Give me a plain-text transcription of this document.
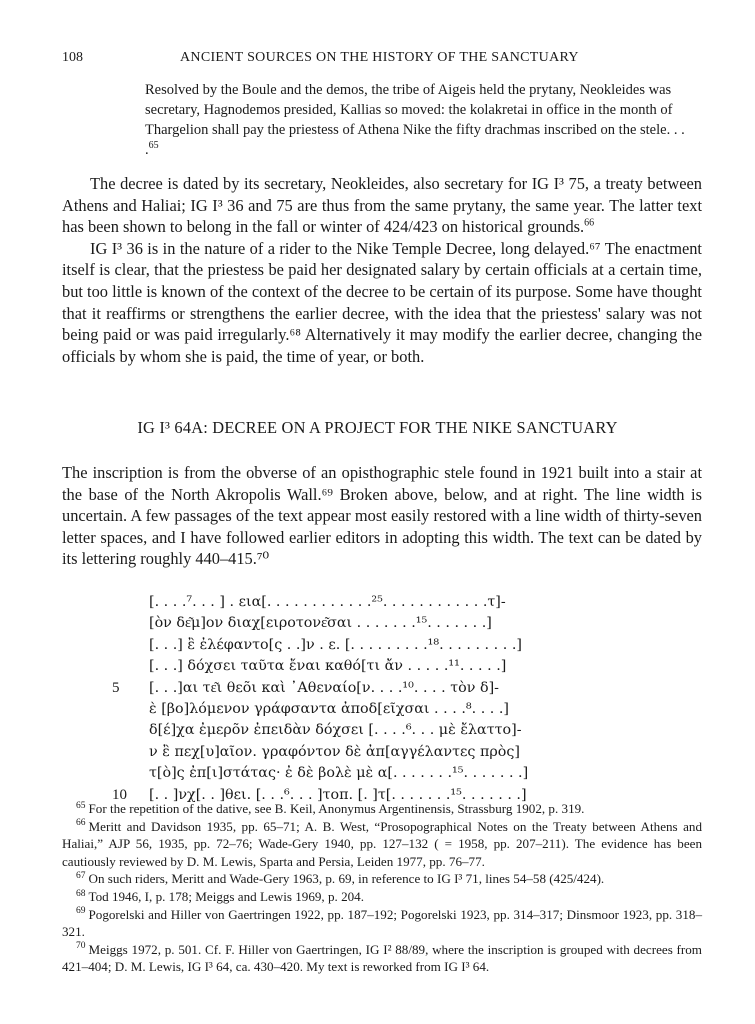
108	ANCIENT SOURCES ON THE HISTORY OF THE SANCTUARY

Resolved by the Boule and the demos, the tribe of Aigeis held the prytany, Neokleides was secretary, Hagnodemos presided, Kallias so moved: the kolakretai in office in the month of Thargelion shall pay the priestess of Athena Nike the fifty drachmas inscribed on the stele. . . .$^{65}$

The decree is dated by its secretary, Neokleides, also secretary for IG I³ 75, a treaty between Athens and Haliai; IG I³ 36 and 75 are thus from the same prytany, the same year. The latter text has been shown to belong in the fall or winter of 424/423 on historical grounds.$^{66}$

IG I³ 36 is in the nature of a rider to the Nike Temple Decree, long delayed.⁶⁷ The enactment itself is clear, that the priestess be paid her designated salary by certain officials at a certain time, but too little is known of the context of the decree to be certain of its purpose. Some have thought that it reaffirms or strengthens the earlier decree, with the idea that the priestess' salary was not being paid or was paid irregularly.⁶⁸ Alternatively it may modify the earlier decree, changing the officials by whom she is paid, the time of year, or both.

IG I³ 64A: DECREE ON A PROJECT FOR THE NIKE SANCTUARY

The inscription is from the obverse of an opisthographic stele found in 1921 built into a stair at the base of the North Akropolis Wall.⁶⁹ Broken above, below, and at right. The line width is uncertain. A few passages of the text appear most easily restored with a line width of thirty-seven letter spaces, and I have followed earlier editors in adopting this width. The text can be dated by its lettering roughly 440–415.⁷⁰

[. . . .⁷. . . ] . εια[. . . . . . . . . . . .²⁵. . . . . . . . . . . .τ]-
[ὸν δε͂μ]ον διαχ[ειροτονε͂σαι . . . . . . .¹⁵. . . . . . .]
[. . .] ἒ ἐλέφαντο[ς . .]ν . ε. [. . . . . . . . .¹⁸. . . . . . . . .]
[. . .] δόχσει ταῦτα ἔναι καθό[τι ἄν . . . . .¹¹. . . . .]
5 [. . .]αι τε͂ι θεõι καὶ ᾿Αθεναίο[ν. . . .¹⁰. . . . τὸν δ]-
ὲ [βο]λόμενον γράφσαντα ἀποδ[εῖχσαι . . . .⁸. . . .]
δ[έ]χα ἐμερõν ἐπειδὰν δόχσει [. . . .⁶. . . μὲ ἔλαττο]-
ν ἒ πεχ[υ]αῖον. γραφόντον δὲ ἀπ[αγγέλαντες πρὸς]
τ[ὸ]ς ἐπ[ι]στάτας· ἐ δὲ βολὲ μὲ α[. . . . . . .¹⁵. . . . . . .]
10 [. . ]νχ[. . ]θει. [. . .⁶. . . ]τοπ. [. ]τ[. . . . . . .¹⁵. . . . . . .]

$^{65}$ For the repetition of the dative, see B. Keil, Anonymus Argentinensis, Strassburg 1902, p. 319.

$^{66}$ Meritt and Davidson 1935, pp. 65–71; A. B. West, “Prosopographical Notes on the Treaty between Athens and Haliai,” AJP 56, 1935, pp. 72–76; Wade-Gery 1940, pp. 127–132 ( = 1958, pp. 207–211). The evidence has been cautiously reviewed by D. M. Lewis, Sparta and Persia, Leiden 1977, pp. 76–77.

$^{67}$ On such riders, Meritt and Wade-Gery 1963, p. 69, in reference to IG I³ 71, lines 54–58 (425/424).

$^{68}$ Tod 1946, I, p. 178; Meiggs and Lewis 1969, p. 204.

$^{69}$ Pogorelski and Hiller von Gaertringen 1922, pp. 187–192; Pogorelski 1923, pp. 314–317; Dinsmoor 1923, pp. 318–321.

$^{70}$ Meiggs 1972, p. 501. Cf. F. Hiller von Gaertringen, IG I² 88/89, where the inscription is grouped with decrees from 421–404; D. M. Lewis, IG I³ 64, ca. 430–420. My text is reworked from IG I³ 64.
